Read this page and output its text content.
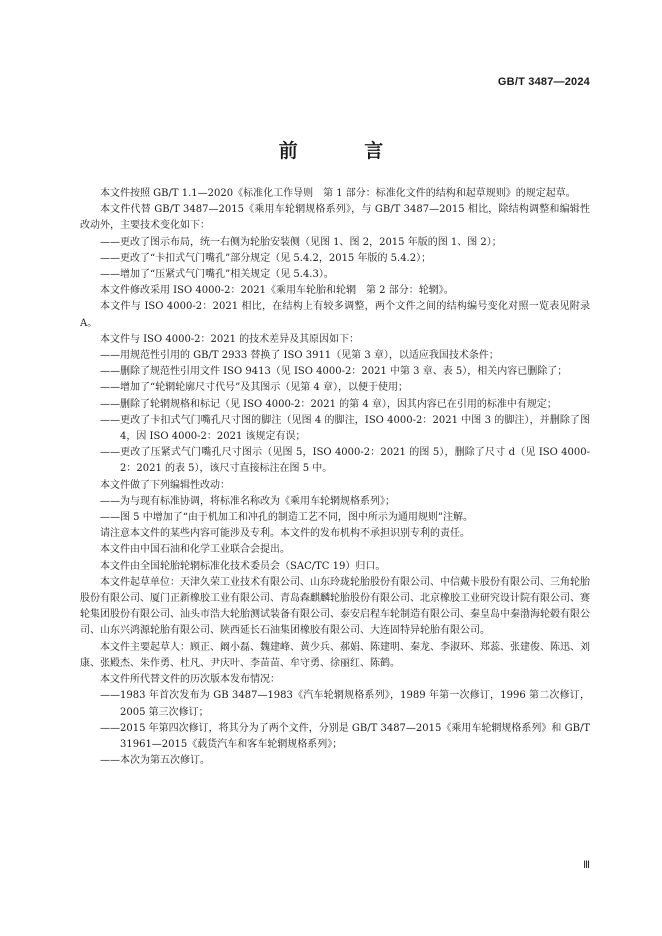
GB/T 3487—2024
前 言

本文件按照 GB/T 1.1—2020《标准化工作导则　第 1 部分：标准化文件的结构和起草规则》的规定起草。

本文件代替 GB/T 3487—2015《乘用车轮辋规格系列》，与 GB/T 3487—2015 相比，除结构调整和编辑性改动外，主要技术变化如下：

——更改了图示布局，统一右侧为轮胎安装侧（见图 1、图 2，2015 年版的图 1、图 2）；

——更改了“卡扣式气门嘴孔”部分规定（见 5.4.2，2015 年版的 5.4.2）；

——增加了“压紧式气门嘴孔”相关规定（见 5.4.3）。

本文件修改采用 ISO 4000-2：2021《乘用车轮胎和轮辋　第 2 部分：轮辋》。

本文件与 ISO 4000-2：2021 相比，在结构上有较多调整，两个文件之间的结构编号变化对照一览表见附录 A。

本文件与 ISO 4000-2：2021 的技术差异及其原因如下：

——用规范性引用的 GB/T 2933 替换了 ISO 3911（见第 3 章），以适应我国技术条件；

——删除了规范性引用文件 ISO 9413（见 ISO 4000-2：2021 中第 3 章、表 5），相关内容已删除了；

——增加了“轮辋轮廓尺寸代号”及其图示（见第 4 章），以便于使用；

——删除了轮辋规格和标记（见 ISO 4000-2：2021 的第 4 章），因其内容已在引用的标准中有规定；

——更改了卡扣式气门嘴孔尺寸图的脚注（见图 4 的脚注，ISO 4000-2：2021 中图 3 的脚注），并删除了图 4，因 ISO 4000-2：2021 该规定有误；

——更改了压紧式气门嘴孔尺寸图示（见图 5，ISO 4000-2：2021 的图 5），删除了尺寸 d（见 ISO 4000-2：2021 的表 5），该尺寸直接标注在图 5 中。

本文件做了下列编辑性改动：

——为与现有标准协调，将标准名称改为《乘用车轮辋规格系列》；

——图 5 中增加了“由于机加工和冲孔的制造工艺不同，图中所示为通用规则”注解。

请注意本文件的某些内容可能涉及专利。本文件的发布机构不承担识别专利的责任。

本文件由中国石油和化学工业联合会提出。

本文件由全国轮胎轮辋标准化技术委员会（SAC/TC 19）归口。

本文件起草单位：天津久荣工业技术有限公司、山东玲珑轮胎股份有限公司、中信戴卡股份有限公司、三角轮胎股份有限公司、厦门正新橡胶工业有限公司、青岛森麒麟轮胎股份有限公司、北京橡胶工业研究设计院有限公司、赛轮集团股份有限公司、汕头市浩大轮胎测试装备有限公司、泰安启程车轮制造有限公司、秦皇岛中秦渤海轮毂有限公司、山东兴鸿源轮胎有限公司、陕西延长石油集团橡胶有限公司、大连固特异轮胎有限公司。

本文件主要起草人：顾正、阚小磊、魏建峰、黄少兵、郝娟、陈建明、秦龙、李淑环、郑蕊、张建俊、陈迅、刘康、张殿杰、朱作勇、杜凡、尹庆叶、李苗苗、牟守勇、徐丽红、陈鹤。

本文件所代替文件的历次版本发布情况：

——1983 年首次发布为 GB 3487—1983《汽车轮辋规格系列》，1989 年第一次修订，1996 第二次修订，2005 第三次修订；

——2015 年第四次修订，将其分为了两个文件，分别是 GB/T 3487—2015《乘用车轮辋规格系列》和 GB/T 31961—2015《载货汽车和客车轮辋规格系列》；

——本次为第五次修订。

Ⅲ
